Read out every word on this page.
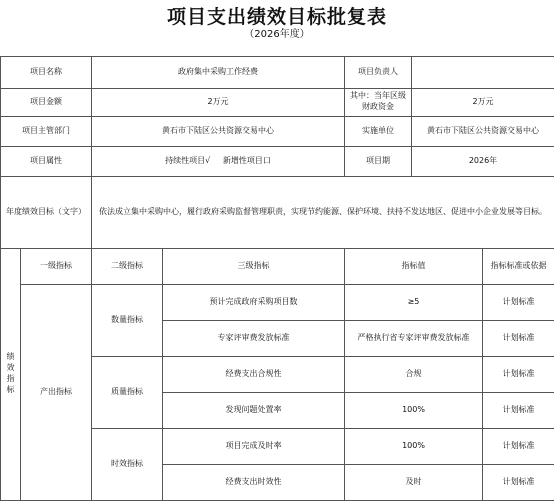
项目支出绩效目标批复表
（2026年度）

项目名称		政府集中采购工作经费		项目负责人		
项目金额		2万元		其中：当年区级财政资金	2万元	
项目主管部门		黄石市下陆区公共资源交易中心		实施单位	黄石市下陆区公共资源交易中心	
项目属性		持续性项目√     新增性项目口		项目期	2026年	
年度绩效目标（文字）		依法成立集中采购中心，履行政府采购监督管理职责，实现节约能源、保护环境、扶持不发达地区、促进中小企业发展等目标。				

绩
效
指
标	一级指标	二级指标	三级指标	指标值		指标标准或依据
	产出指标	数量指标	预计完成政府采购项目数	≥5		计划标准
			专家评审费发放标准	严格执行省专家评审费发放标准		计划标准
		质量指标	经费支出合规性	合规		计划标准
			发现问题处置率	100%		计划标准
		时效指标	项目完成及时率	100%		计划标准
			经费支出时效性	及时		计划标准
